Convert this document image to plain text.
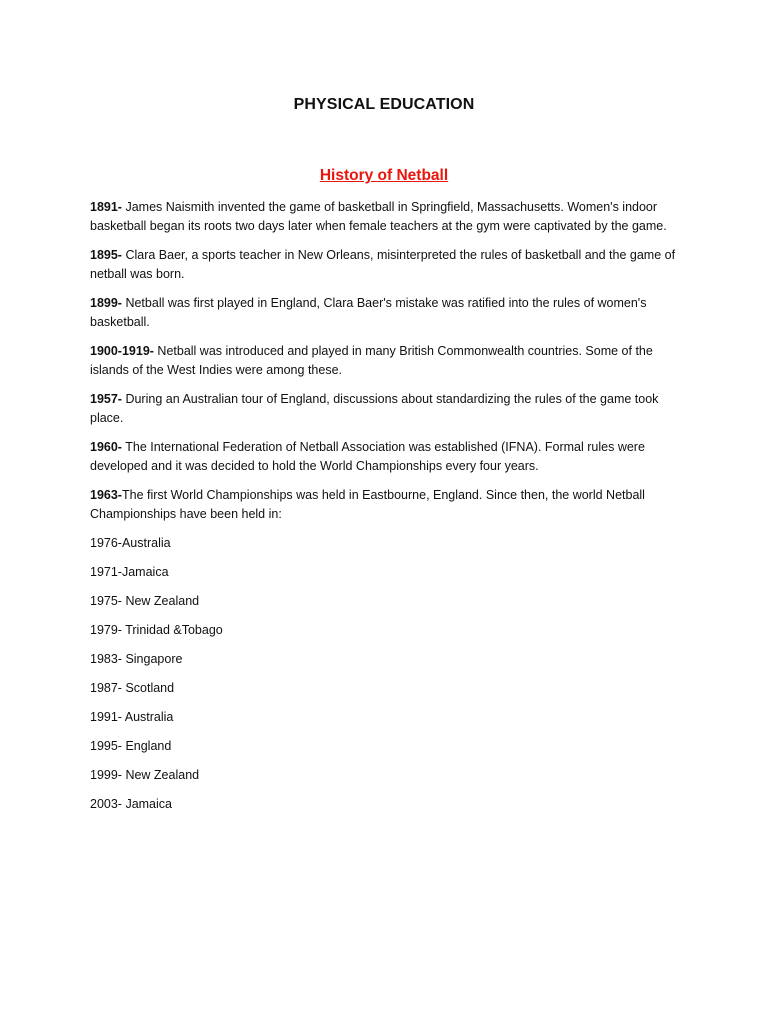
PHYSICAL EDUCATION
History of Netball
1891- James Naismith invented the game of basketball in Springfield, Massachusetts. Women's indoor basketball began its roots two days later when female teachers at the gym were captivated by the game.
1895- Clara Baer, a sports teacher in New Orleans, misinterpreted the rules of basketball and the game of netball was born.
1899- Netball was first played in England, Clara Baer's mistake was ratified into the rules of women's basketball.
1900-1919- Netball was introduced and played in many British Commonwealth countries. Some of the islands of the West Indies were among these.
1957- During an Australian tour of England, discussions about standardizing the rules of the game took place.
1960- The International Federation of Netball Association was established (IFNA). Formal rules were developed and it was decided to hold the World Championships every four years.
1963-The first World Championships was held in Eastbourne, England. Since then, the world Netball Championships have been held in:
1976-Australia
1971-Jamaica
1975- New Zealand
1979- Trinidad &Tobago
1983- Singapore
1987- Scotland
1991- Australia
1995- England
1999- New Zealand
2003- Jamaica
